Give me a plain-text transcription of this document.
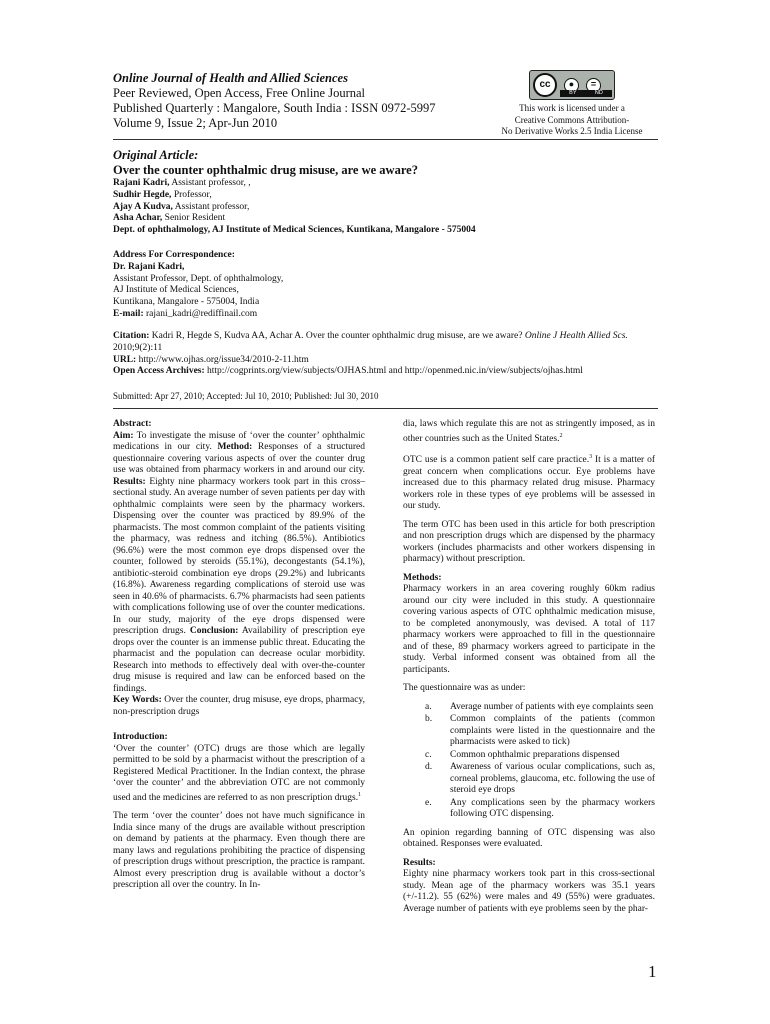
Online Journal of Health and Allied Sciences
Peer Reviewed, Open Access, Free Online Journal
Published Quarterly : Mangalore, South India : ISSN 0972-5997
Volume 9, Issue 2; Apr-Jun 2010
cc	●	=
BY	ND
This work is licensed under a
Creative Commons Attribution-
No Derivative Works 2.5 India License
Original Article:
Over the counter ophthalmic drug misuse, are we aware?
Rajani Kadri, Assistant professor, ,
Sudhir Hegde, Professor,
Ajay A Kudva, Assistant professor,
Asha Achar, Senior Resident
Dept. of ophthalmology, AJ Institute of Medical Sciences, Kuntikana, Mangalore - 575004
Address For Correspondence:
Dr. Rajani Kadri,
Assistant Professor, Dept. of ophthalmology,
AJ Institute of Medical Sciences,
Kuntikana, Mangalore - 575004, India
E-mail: rajani_kadri@rediffinail.com
Citation: Kadri R, Hegde S, Kudva AA, Achar A. Over the counter ophthalmic drug misuse, are we aware? Online J Health Allied Scs. 2010;9(2):11
URL: http://www.ojhas.org/issue34/2010-2-11.htm
Open Access Archives: http://cogprints.org/view/subjects/OJHAS.html and http://openmed.nic.in/view/subjects/ojhas.html
Submitted: Apr 27, 2010; Accepted: Jul 10, 2010; Published: Jul 30, 2010

Abstract:
Aim: To investigate the misuse of ‘over the counter’ ophthalmic medications in our city. Method: Responses of a structured questionnaire covering various aspects of over the counter drug use was obtained from pharmacy workers in and around our city. Results: Eighty nine pharmacy workers took part in this cross–sectional study. An average number of seven patients per day with ophthalmic complaints were seen by the pharmacy workers. Dispensing over the counter was practiced by 89.9% of the pharmacists. The most common complaint of the patients visiting the pharmacy, was redness and itching (86.5%). Antibiotics (96.6%) were the most common eye drops dispensed over the counter, followed by steroids (55.1%), decongestants (54.1%), antibiotic-steroid combination eye drops (29.2%) and lubricants (16.8%). Awareness regarding complications of steroid use was seen in 40.6% of pharmacists. 6.7% pharmacists had seen patients with complications following use of over the counter medications. In our study, majority of the eye drops dispensed were prescription drugs. Conclusion: Availability of prescription eye drops over the counter is an immense public threat. Educating the pharmacist and the population can decrease ocular morbidity. Research into methods to effectively deal with over-the-counter drug misuse is required and law can be enforced based on the findings.
Key Words: Over the counter, drug misuse, eye drops, pharmacy, non-prescription drugs

Introduction:

‘Over the counter’ (OTC) drugs are those which are legally permitted to be sold by a pharmacist without the prescription of a Registered Medical Practitioner. In the Indian context, the phrase ‘over the counter’ and the abbreviation OTC are not commonly used and the medicines are referred to as non prescription drugs.$^1$

The term ‘over the counter’ does not have much significance in India since many of the drugs are available without prescription on demand by patients at the pharmacy. Even though there are many laws and regulations prohibiting the practice of dispensing of prescription drugs without prescription, the practice is rampant. Almost every prescription drug is available without a doctor’s prescription all over the country. In In-

dia, laws which regulate this are not as stringently imposed, as in other countries such as the United States.$^2$

OTC use is a common patient self care practice.$^3$ It is a matter of great concern when complications occur. Eye problems have increased due to this pharmacy related drug misuse. Pharmacy workers role in these types of eye problems will be assessed in our study.

The term OTC has been used in this article for both prescription and non prescription drugs which are dispensed by the pharmacy workers (includes pharmacists and other workers dispensing in pharmacy) without prescription.

Methods:
Pharmacy workers in an area covering roughly 60km radius around our city were included in this study. A questionnaire covering various aspects of OTC ophthalmic medication misuse, to be completed anonymously, was devised. A total of 117 pharmacy workers were approached to fill in the questionnaire and of these, 89 pharmacy workers agreed to participate in the study. Verbal informed consent was obtained from all the participants.

The questionnaire was as under:

a.	Average number of patients with eye complaints seen
b.	Common complaints of the patients (common complaints were listed in the questionnaire and the pharmacists were asked to tick)
c.	Common ophthalmic preparations dispensed
d.	Awareness of various ocular complications, such as, corneal problems, glaucoma, etc. following the use of steroid eye drops
e.	Any complications seen by the pharmacy workers following OTC dispensing.

An opinion regarding banning of OTC dispensing was also obtained. Responses were evaluated.

Results:
Eighty nine pharmacy workers took part in this cross-sectional study. Mean age of the pharmacy workers was 35.1 years (+/-11.2). 55 (62%) were males and 49 (55%) were graduates. Average number of patients with eye problems seen by the phar-

1
